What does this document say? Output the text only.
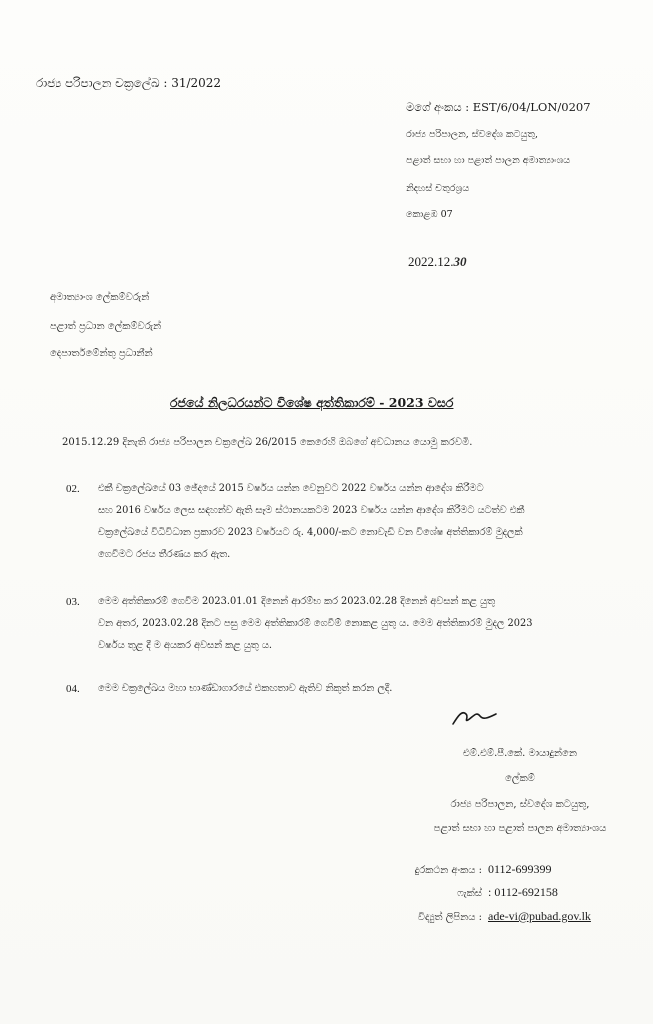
රාජ්‍ය පරිපාලන චක්‍රලේඛ : 31/2022
මගේ අංකය : EST/6/04/LON/0207
රාජ්‍ය පරිපාලන, ස්වදේශ කටයුතු,
පළාත් සභා හා පළාත් පාලන අමාත්‍යාංශය
නිදහස් චතුරශ්‍රය
කොළඹ 07
2022.12.30
අමාත්‍යාංශ ලේකම්වරුන්
පළාත් ප්‍රධාන ලේකම්වරුන්
දෙපාර්තමේන්තු ප්‍රධානීන්
රජයේ නිලධරයන්ට විශේෂ අත්තිකාරම් - 2023 වසර
2015.12.29 දිනැති රාජ්‍ය පරිපාලන චක්‍රලේඛ 26/2015 කෙරෙහි ඔබගේ අවධානය යොමු කරවමි.
02.	එකී චක්‍රලේඛයේ 03 ඡේදයේ 2015 වර්ෂය යන්න වෙනුවට 2022 වර්ෂය යන්න ආදේශ කිරීමට
සහ 2016 වර්ෂය ලෙස සඳහන්ව ඇති සෑම ස්ථානයකටම 2023 වර්ෂය යන්න ආදේශ කිරීමට යටත්ව එකී
චක්‍රලේඛයේ විධිවිධාන ප්‍රකාරව 2023 වර්ෂයට රු. 4,000/-කට නොවැඩි වන විශේෂ අත්තිකාරම් මුදලක්
ගෙවීමට රජය තීරණය කර ඇත.
03.	මෙම අත්තිකාරම් ගෙවීම 2023.01.01 දිනෙන් ආරම්භ කර 2023.02.28 දිනෙන් අවසන් කළ යුතු
වන අතර, 2023.02.28 දිනට පසු මෙම අත්තිකාරම් ගෙවීම් නොකළ යුතු ය. මෙම අත්තිකාරම් මුදල 2023
වර්ෂය තුළ දී ම අයකර අවසන් කළ යුතු ය.
04.	මෙම චක්‍රලේඛය මහා භාණ්ඩාගාරයේ එකඟතාව ඇතිව නිකුත් කරන ලදී.
එම්.එම්.පී.කේ. මායාදුන්නෙ
ලේකම්
රාජ්‍ය පරිපාලන, ස්වදේශ කටයුතු,
පළාත් සභා හා පළාත් පාලන අමාත්‍යාංශය
දුරකථන අංකය : 0112-699399
ෆැක්ස් : 0112-692158
විද්‍යුත් ලිපිනය : ade-vi@pubad.gov.lk
